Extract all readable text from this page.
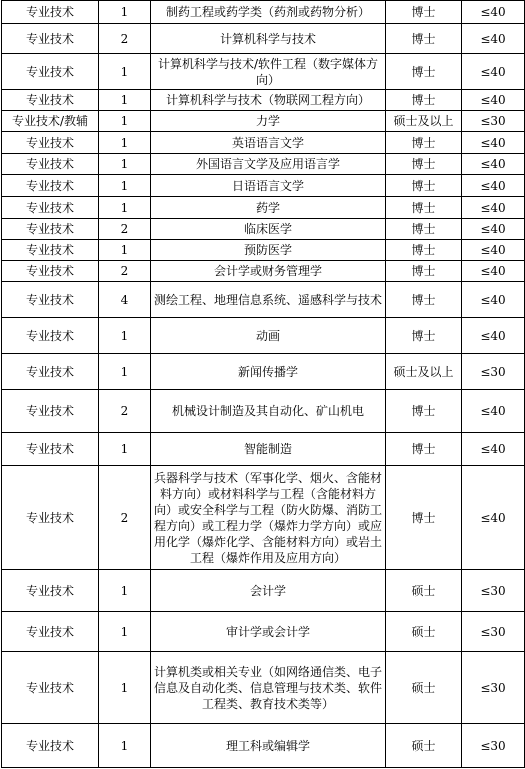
专业技术	1	制药工程或药学类（药剂或药物分析）	博士	≤40
专业技术	2	计算机科学与技术	博士	≤40
专业技术	1	计算机科学与技术/软件工程（数字媒体方向）	博士	≤40
专业技术	1	计算机科学与技术（物联网工程方向）	博士	≤40
专业技术/教辅	1	力学	硕士及以上	≤30
专业技术	1	英语语言文学	博士	≤40
专业技术	1	外国语言文学及应用语言学	博士	≤40
专业技术	1	日语语言文学	博士	≤40
专业技术	1	药学	博士	≤40
专业技术	2	临床医学	博士	≤40
专业技术	1	预防医学	博士	≤40
专业技术	2	会计学或财务管理学	博士	≤40
专业技术	4	测绘工程、地理信息系统、遥感科学与技术	博士	≤40
专业技术	1	动画	博士	≤40
专业技术	1	新闻传播学	硕士及以上	≤30
专业技术	2	机械设计制造及其自动化、矿山机电	博士	≤40
专业技术	1	智能制造	博士	≤40
专业技术	2	兵器科学与技术（军事化学、烟火、含能材料方向）或材料科学与工程（含能材料方向）或安全科学与工程（防火防爆、消防工程方向）或工程力学（爆炸力学方向）或应用化学（爆炸化学、含能材料方向）或岩土工程（爆炸作用及应用方向）	博士	≤40
专业技术	1	会计学	硕士	≤30
专业技术	1	审计学或会计学	硕士	≤30
专业技术	1	计算机类或相关专业（如网络通信类、电子信息及自动化类、信息管理与技术类、软件工程类、教育技术类等）	硕士	≤30
专业技术	1	理工科或编辑学	硕士	≤30
